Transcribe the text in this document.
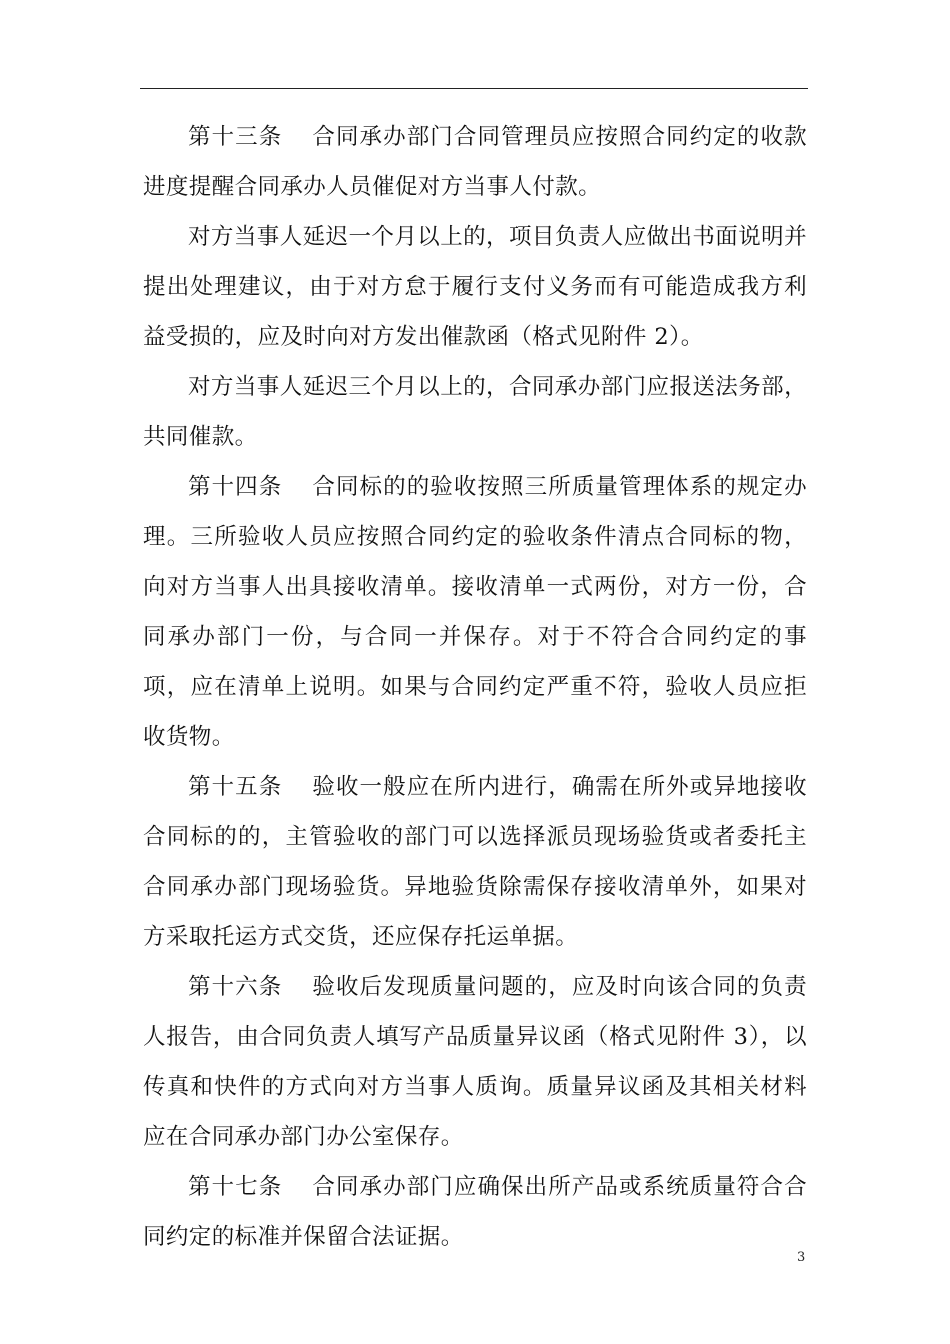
第十三条 合同承办部门合同管理员应按照合同约定的收款进度提醒合同承办人员催促对方当事人付款。

对方当事人延迟一个月以上的，项目负责人应做出书面说明并提出处理建议，由于对方怠于履行支付义务而有可能造成我方利益受损的，应及时向对方发出催款函（格式见附件 2）。

对方当事人延迟三个月以上的，合同承办部门应报送法务部，共同催款。

第十四条 合同标的的验收按照三所质量管理体系的规定办理。三所验收人员应按照合同约定的验收条件清点合同标的物，向对方当事人出具接收清单。接收清单一式两份，对方一份，合同承办部门一份，与合同一并保存。对于不符合合同约定的事项，应在清单上说明。如果与合同约定严重不符，验收人员应拒收货物。

第十五条 验收一般应在所内进行，确需在所外或异地接收合同标的的，主管验收的部门可以选择派员现场验货或者委托主合同承办部门现场验货。异地验货除需保存接收清单外，如果对方采取托运方式交货，还应保存托运单据。

第十六条 验收后发现质量问题的，应及时向该合同的负责人报告，由合同负责人填写产品质量异议函（格式见附件 3），以传真和快件的方式向对方当事人质询。质量异议函及其相关材料应在合同承办部门办公室保存。

第十七条 合同承办部门应确保出所产品或系统质量符合合同约定的标准并保留合法证据。

3
